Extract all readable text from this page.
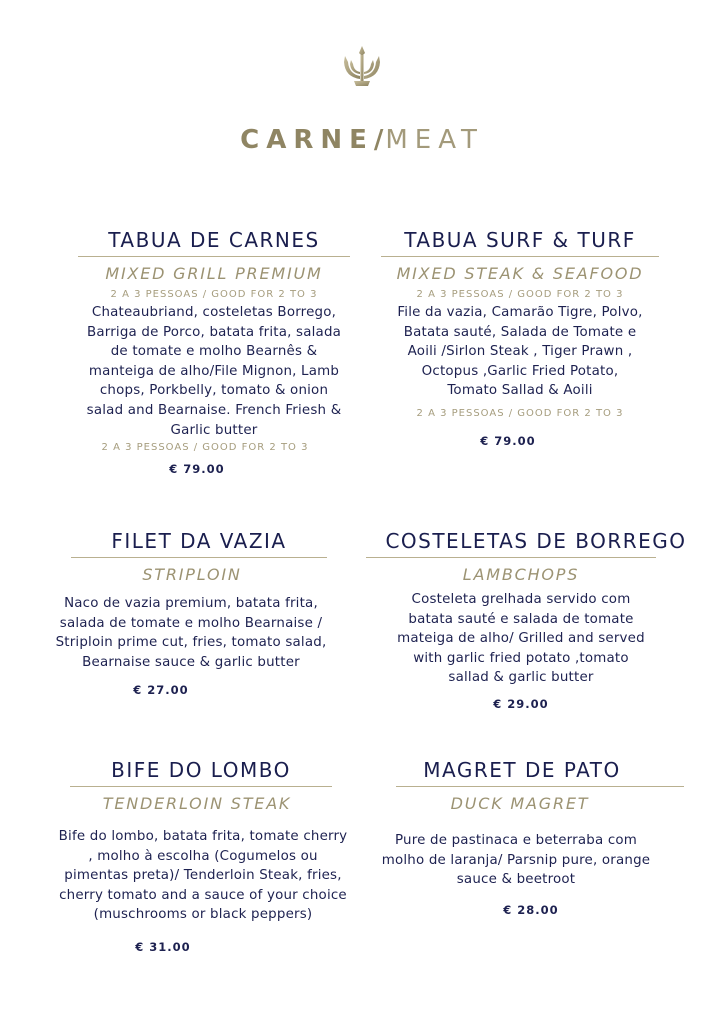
CARNE/MEAT
TABUA DE CARNES
MIXED GRILL PREMIUM
2 A 3 PESSOAS / GOOD FOR 2 TO 3
Chateaubriand, costeletas Borrego, Barriga de Porco, batata frita, salada de tomate e molho Bearnês & manteiga de alho/File Mignon, Lamb chops, Porkbelly, tomato & onion salad and Bearnaise. French Friesh & Garlic butter
2 A 3 PESSOAS / GOOD FOR 2 TO 3
€ 79.00
TABUA SURF & TURF
MIXED STEAK & SEAFOOD
2 A 3 PESSOAS / GOOD FOR 2 TO 3
File da vazia, Camarão Tigre, Polvo, Batata sauté, Salada de Tomate e Aoili /Sirlon Steak , Tiger Prawn , Octopus ,Garlic Fried Potato, Tomato Sallad & Aoili
2 A 3 PESSOAS / GOOD FOR 2 TO 3
€ 79.00
FILET DA VAZIA
STRIPLOIN
Naco de vazia premium, batata frita, salada de tomate e molho Bearnaise / Striploin prime cut, fries, tomato salad, Bearnaise sauce & garlic butter
€ 27.00
COSTELETAS DE BORREGO
LAMBCHOPS
Costeleta grelhada servido com batata sauté e salada de tomate mateiga de alho/ Grilled and served with garlic fried potato ,tomato sallad & garlic butter
€ 29.00
BIFE DO LOMBO
TENDERLOIN STEAK
Bife do lombo, batata frita, tomate cherry , molho à escolha (Cogumelos ou pimentas preta)/ Tenderloin Steak, fries, cherry tomato and a sauce of your choice (muschrooms or black peppers)
€ 31.00
MAGRET DE PATO
DUCK MAGRET
Pure de pastinaca e beterraba com molho de laranja/ Parsnip pure, orange sauce & beetroot
€ 28.00
